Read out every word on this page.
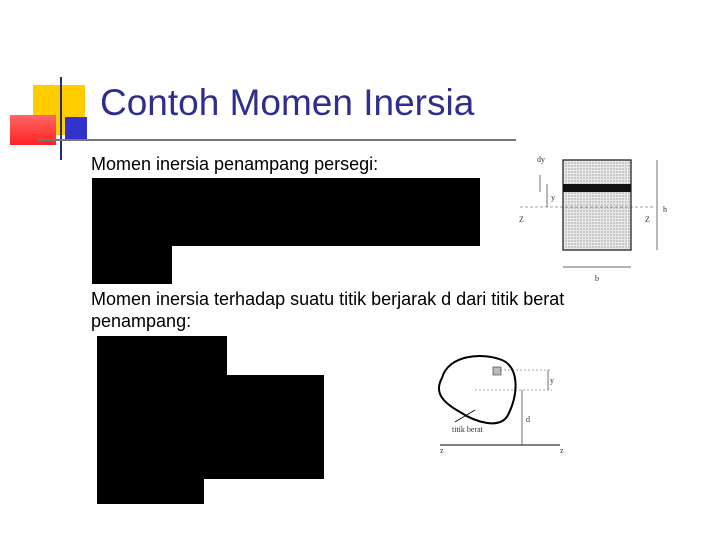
Contoh Momen Inersia
Momen inersia penampang persegi:	dy
y
Z	Z
h
b
Momen inersia terhadap suatu titik berjarak d dari titik berat penampang:
y
d
titik berat
z	z
